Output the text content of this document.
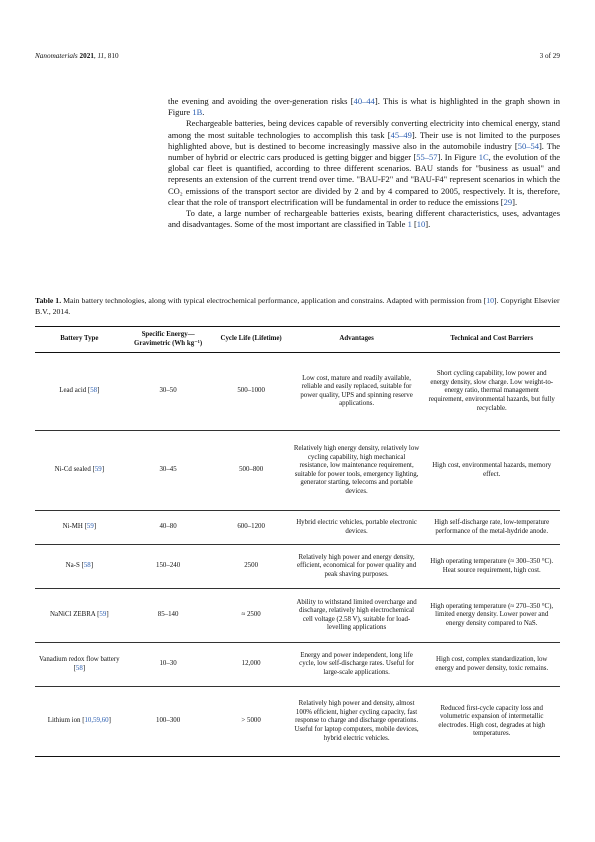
Nanomaterials 2021, 11, 810	3 of 29

the evening and avoiding the over-generation risks [40–44]. This is what is highlighted in the graph shown in Figure 1B.

Rechargeable batteries, being devices capable of reversibly converting electricity into chemical energy, stand among the most suitable technologies to accomplish this task [45–49]. Their use is not limited to the purposes highlighted above, but is destined to become increasingly massive also in the automobile industry [50–54]. The number of hybrid or electric cars produced is getting bigger and bigger [55–57]. In Figure 1C, the evolution of the global car fleet is quantified, according to three different scenarios. BAU stands for "business as usual" and represents an extension of the current trend over time. "BAU-F2" and "BAU-F4" represent scenarios in which the CO₂ emissions of the transport sector are divided by 2 and by 4 compared to 2005, respectively. It is, therefore, clear that the role of transport electrification will be fundamental in order to reduce the emissions [29].

To date, a large number of rechargeable batteries exists, bearing different characteristics, uses, advantages and disadvantages. Some of the most important are classified in Table 1 [10].

Table 1. Main battery technologies, along with typical electrochemical performance, application and constrains. Adapted with permission from [10]. Copyright Elsevier B.V., 2014.
Battery Type	Specific Energy—Gravimetric (Wh kg⁻¹)	Cycle Life (Lifetime)	Advantages	Technical and Cost Barriers
Lead acid [58]	30–50	500–1000	Low cost, mature and readily available, reliable and easily replaced, suitable for power quality, UPS and spinning reserve applications.	Short cycling capability, low power and energy density, slow charge. Low weight-to-energy ratio, thermal management requirement, environmental hazards, but fully recyclable.
Ni-Cd sealed [59]	30–45	500–800	Relatively high energy density, relatively low cycling capability, high mechanical resistance, low maintenance requirement, suitable for power tools, emergency lighting, generator starting, telecoms and portable devices.	High cost, environmental hazards, memory effect.
Ni-MH [59]	40–80	600–1200	Hybrid electric vehicles, portable electronic devices.	High self-discharge rate, low-temperature performance of the metal-hydride anode.
Na-S [58]	150–240	2500	Relatively high power and energy density, efficient, economical for power quality and peak shaving purposes.	High operating temperature (≈ 300–350 °C). Heat source requirement, high cost.
NaNiCl ZEBRA [59]	85–140	≈ 2500	Ability to withstand limited overcharge and discharge, relatively high electrochemical cell voltage (2.58 V), suitable for load-levelling applications	High operating temperature (≈ 270–350 °C), limited energy density. Lower power and energy density compared to NaS.
Vanadium redox flow battery [58]	10–30	12,000	Energy and power independent, long life cycle, low self-discharge rates. Useful for large-scale applications.	High cost, complex standardization, low energy and power density, toxic remains.
Lithium ion [10,59,60]	100–300	> 5000	Relatively high power and density, almost 100% efficient, higher cycling capacity, fast response to charge and discharge operations. Useful for laptop computers, mobile devices, hybrid electric vehicles.	Reduced first-cycle capacity loss and volumetric expansion of intermetallic electrodes. High cost, degrades at high temperatures.
